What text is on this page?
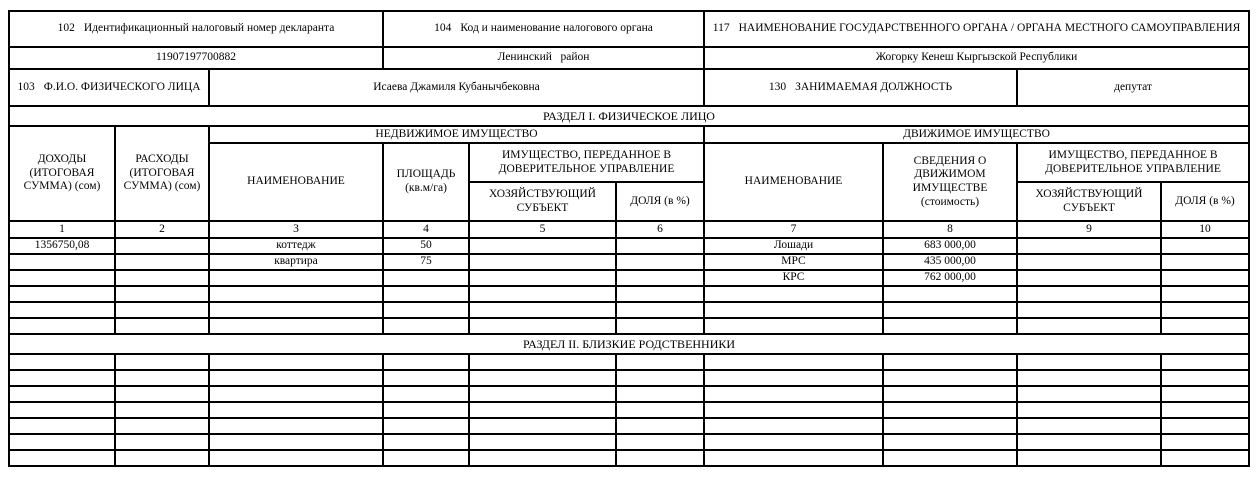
102 Идентификационный налоговый номер декларанта			104 Код и наименование налогового органа			117 НАИМЕНОВАНИЕ ГОСУДАРСТВЕННОГО ОРГАНА / ОРГАНА МЕСТНОГО САМОУПРАВЛЕНИЯ			
11907197700882			Ленинский   район			Жогорку Кенеш Кыргызской Республики			
103 Ф.И.О. ФИЗИЧЕСКОГО ЛИЦА		Исаева Джамиля Кубанычбековна				130 ЗАНИМАЕМАЯ ДОЛЖНОСТЬ		депутат	
РАЗДЕЛ I. ФИЗИЧЕСКОЕ ЛИЦО									
ДОХОДЫ (ИТОГОВАЯ СУММА) (сом)	РАСХОДЫ (ИТОГОВАЯ СУММА) (сом)	НЕДВИЖИМОЕ ИМУЩЕСТВО				ДВИЖИМОЕ ИМУЩЕСТВО			
		НАИМЕНОВАНИЕ	ПЛОЩАДЬ (кв.м/га)	ИМУЩЕСТВО, ПЕРЕДАННОЕ В ДОВЕРИТЕЛЬНОЕ УПРАВЛЕНИЕ		НАИМЕНОВАНИЕ	СВЕДЕНИЯ О ДВИЖИМОМ ИМУЩЕСТВЕ (стоимость)	ИМУЩЕСТВО, ПЕРЕДАННОЕ В ДОВЕРИТЕЛЬНОЕ УПРАВЛЕНИЕ	
				ХОЗЯЙСТВУЮЩИЙ СУБЪЕКТ	ДОЛЯ (в %)			ХОЗЯЙСТВУЮЩИЙ СУБЪЕКТ	ДОЛЯ (в %)
1	2	3	4	5	6	7	8	9	10
1356750,08		коттедж	50			Лошади	683 000,00		
		квартира	75			МРС	435 000,00		
						КРС	762 000,00		

РАЗДЕЛ II. БЛИЗКИЕ РОДСТВЕННИКИ									
